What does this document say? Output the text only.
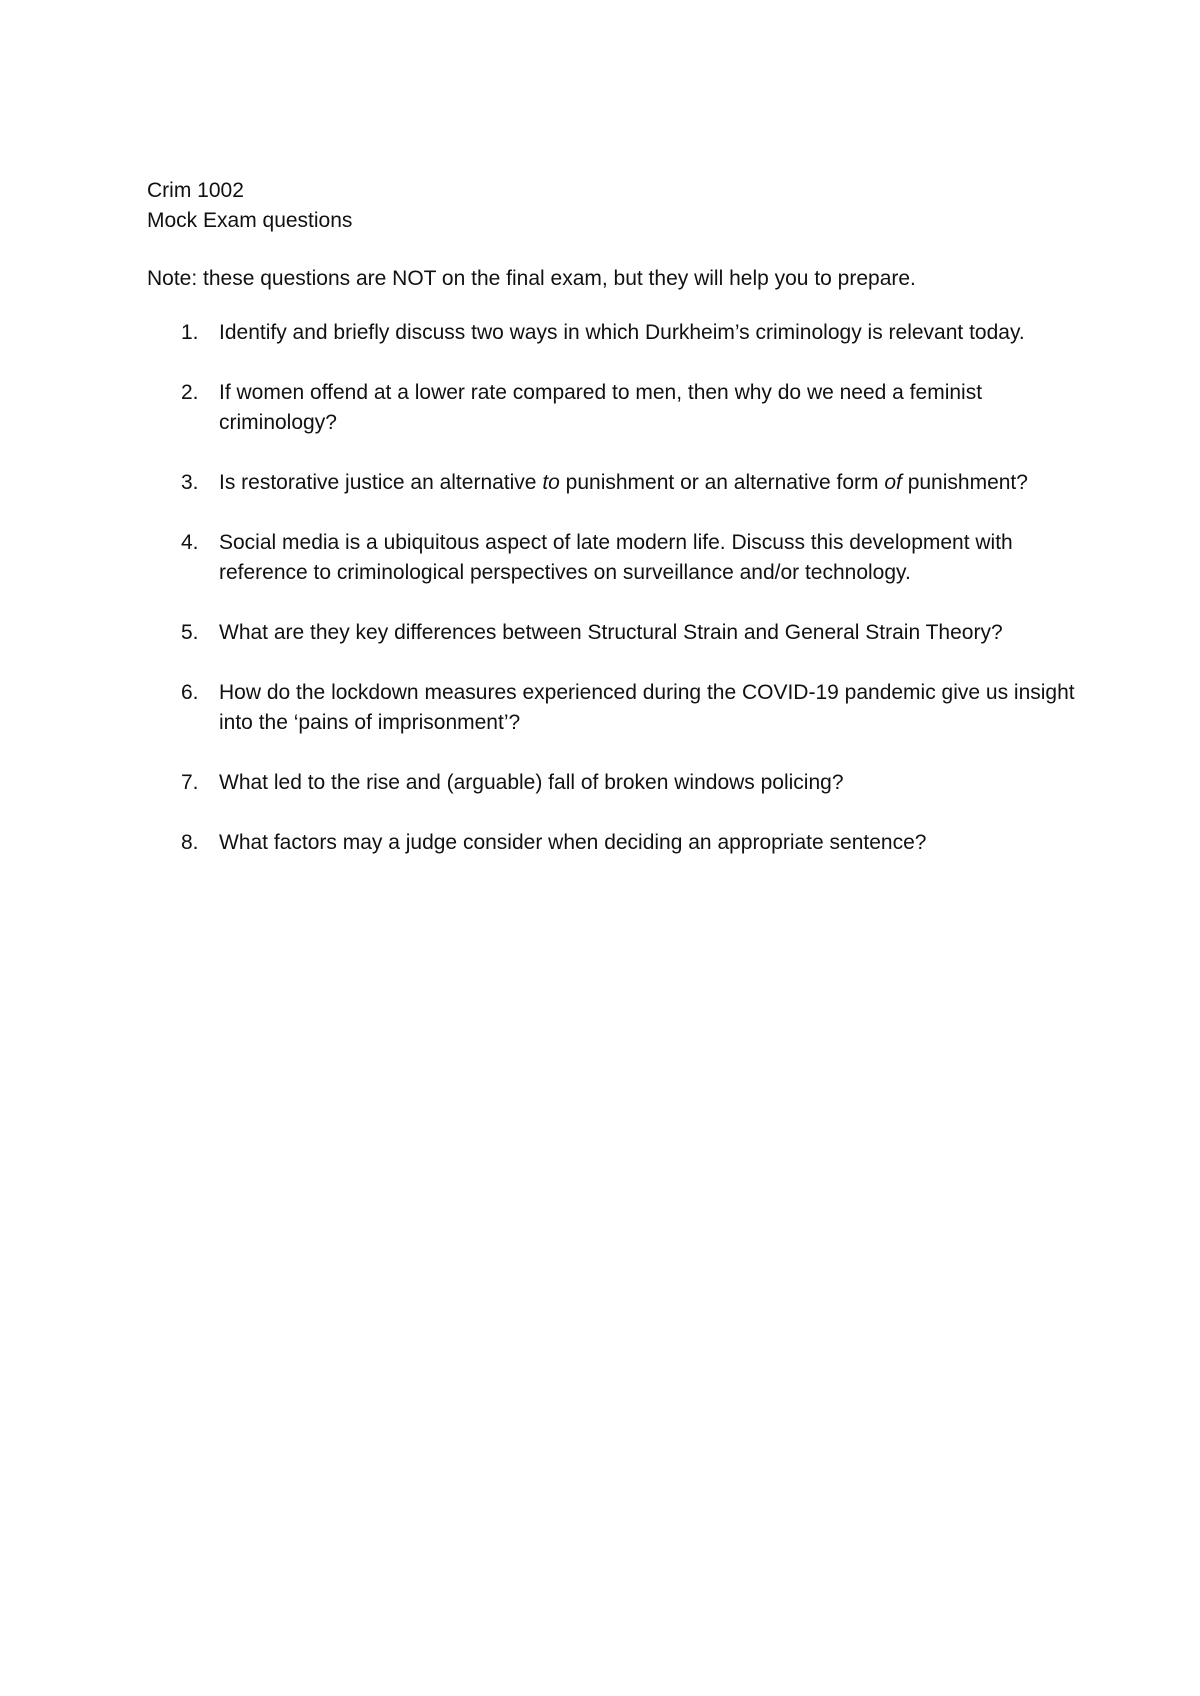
Crim 1002

Mock Exam questions

Note: these questions are NOT on the final exam, but they will help you to prepare.

1. Identify and briefly discuss two ways in which Durkheim’s criminology is relevant today.
2. If women offend at a lower rate compared to men, then why do we need a feminist criminology?
3. Is restorative justice an alternative to punishment or an alternative form of punishment?
4. Social media is a ubiquitous aspect of late modern life. Discuss this development with reference to criminological perspectives on surveillance and/or technology.
5. What are they key differences between Structural Strain and General Strain Theory?
6. How do the lockdown measures experienced during the COVID-19 pandemic give us insight into the ‘pains of imprisonment’?
7. What led to the rise and (arguable) fall of broken windows policing?
8. What factors may a judge consider when deciding an appropriate sentence?
